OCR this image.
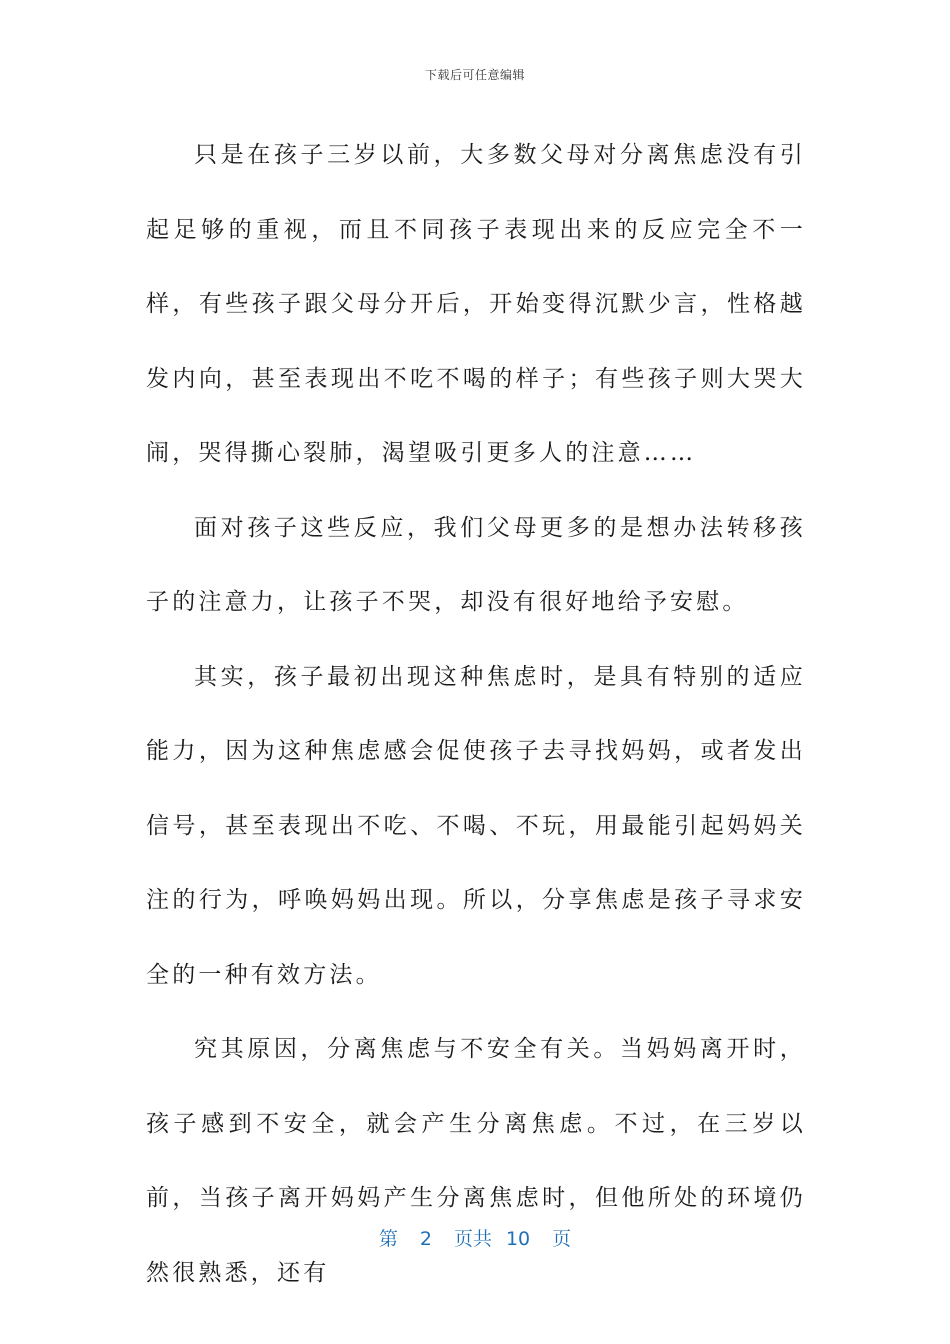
下载后可任意编辑

只是在孩子三岁以前，大多数父母对分离焦虑没有引起足够的重视，而且不同孩子表现出来的反应完全不一样，有些孩子跟父母分开后，开始变得沉默少言，性格越发内向，甚至表现出不吃不喝的样子；有些孩子则大哭大闹，哭得撕心裂肺，渴望吸引更多人的注意……

面对孩子这些反应，我们父母更多的是想办法转移孩子的注意力，让孩子不哭，却没有很好地给予安慰。

其实，孩子最初出现这种焦虑时，是具有特别的适应能力，因为这种焦虑感会促使孩子去寻找妈妈，或者发出信号，甚至表现出不吃、不喝、不玩，用最能引起妈妈关注的行为，呼唤妈妈出现。所以，分享焦虑是孩子寻求安全的一种有效方法。

究其原因，分离焦虑与不安全有关。当妈妈离开时，孩子感到不安全，就会产生分离焦虑。不过，在三岁以前，当孩子离开妈妈产生分离焦虑时，但他所处的环境仍然很熟悉，还有

第 2 页共 10 页
